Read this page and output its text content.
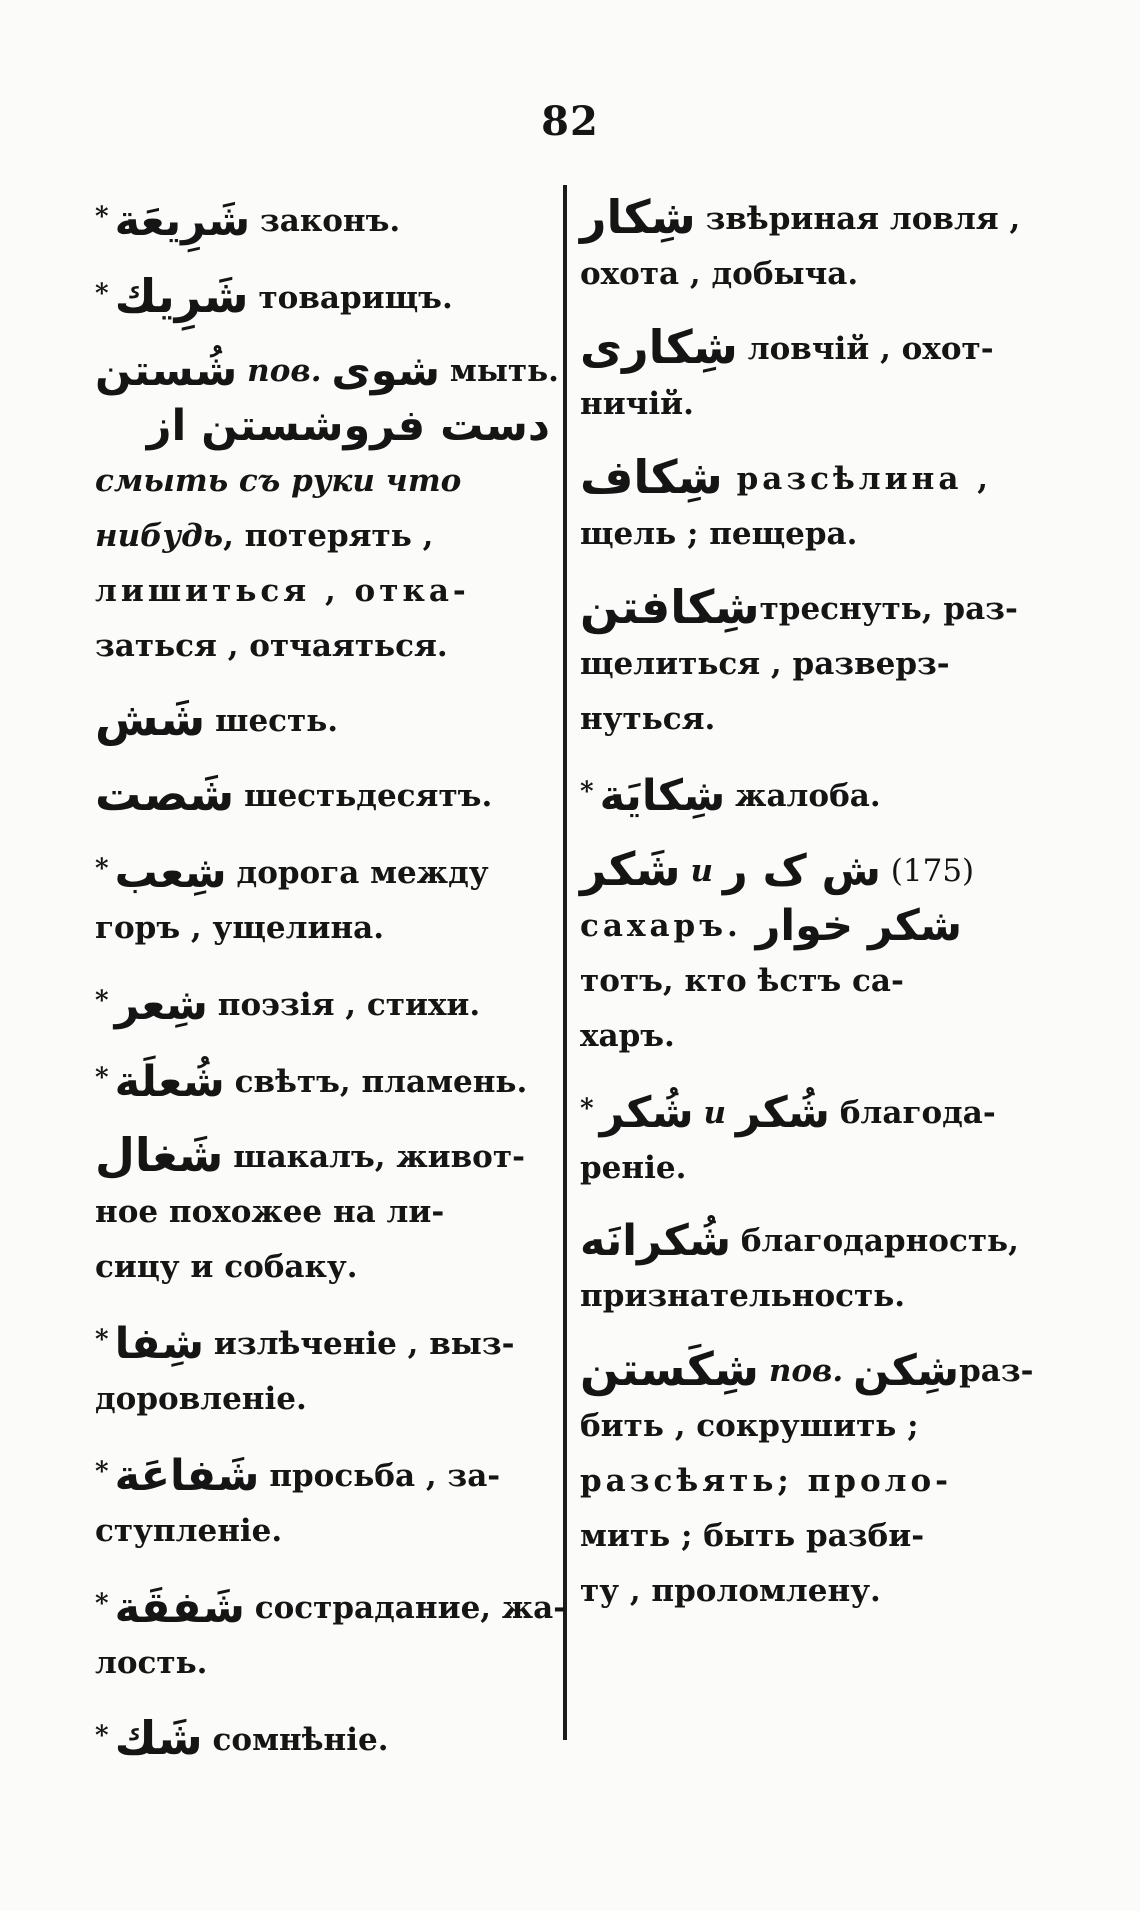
82
* شَرِيعَة законъ.
* شَرِيك товарищъ.
شُستن пов. شوی мыть.
دست فروشستن از
смыть съ руки что
нибудь, потерять ,
лишиться , отка-
заться , отчаяться.
شَش шесть.
شَصت шестьдесятъ.
* شِعب дорога между
горъ , ущелина.
* شِعر поэзія , стихи.
* شُعلَة свѣтъ, пламень.
شَغال шакалъ, живот-
ное похожее на ли-
сицу и собаку.
* شِفا излѣченіе , выз-
доровленіе.
* شَفاعَة просьба , за-
ступленіе.
* شَفقَة сострадание, жа-
лость.
* شَك сомнѣніе.
شِکار звѣриная ловля ,
охота , добыча.
شِکاری ловчій , охот-
ничій.
شِکاف разсѣлина ,
щель ; пещера.
شِکافتنтреснуть, раз-
щелиться , разверз-
нуться.
* شِکایَة жалоба.
شَکر и ش ک ر (175)
сахаръ. شکر خوار
тотъ, кто ѣстъ са-
харъ.
* شُکر и شُکر благода-
реніе.
شُکرانَه благодарность,
признательность.
شِکَستن пов. شِکنраз-
бить , сокрушить ;
разсѣять; проло-
мить ; быть разби-
ту , проломлену.
